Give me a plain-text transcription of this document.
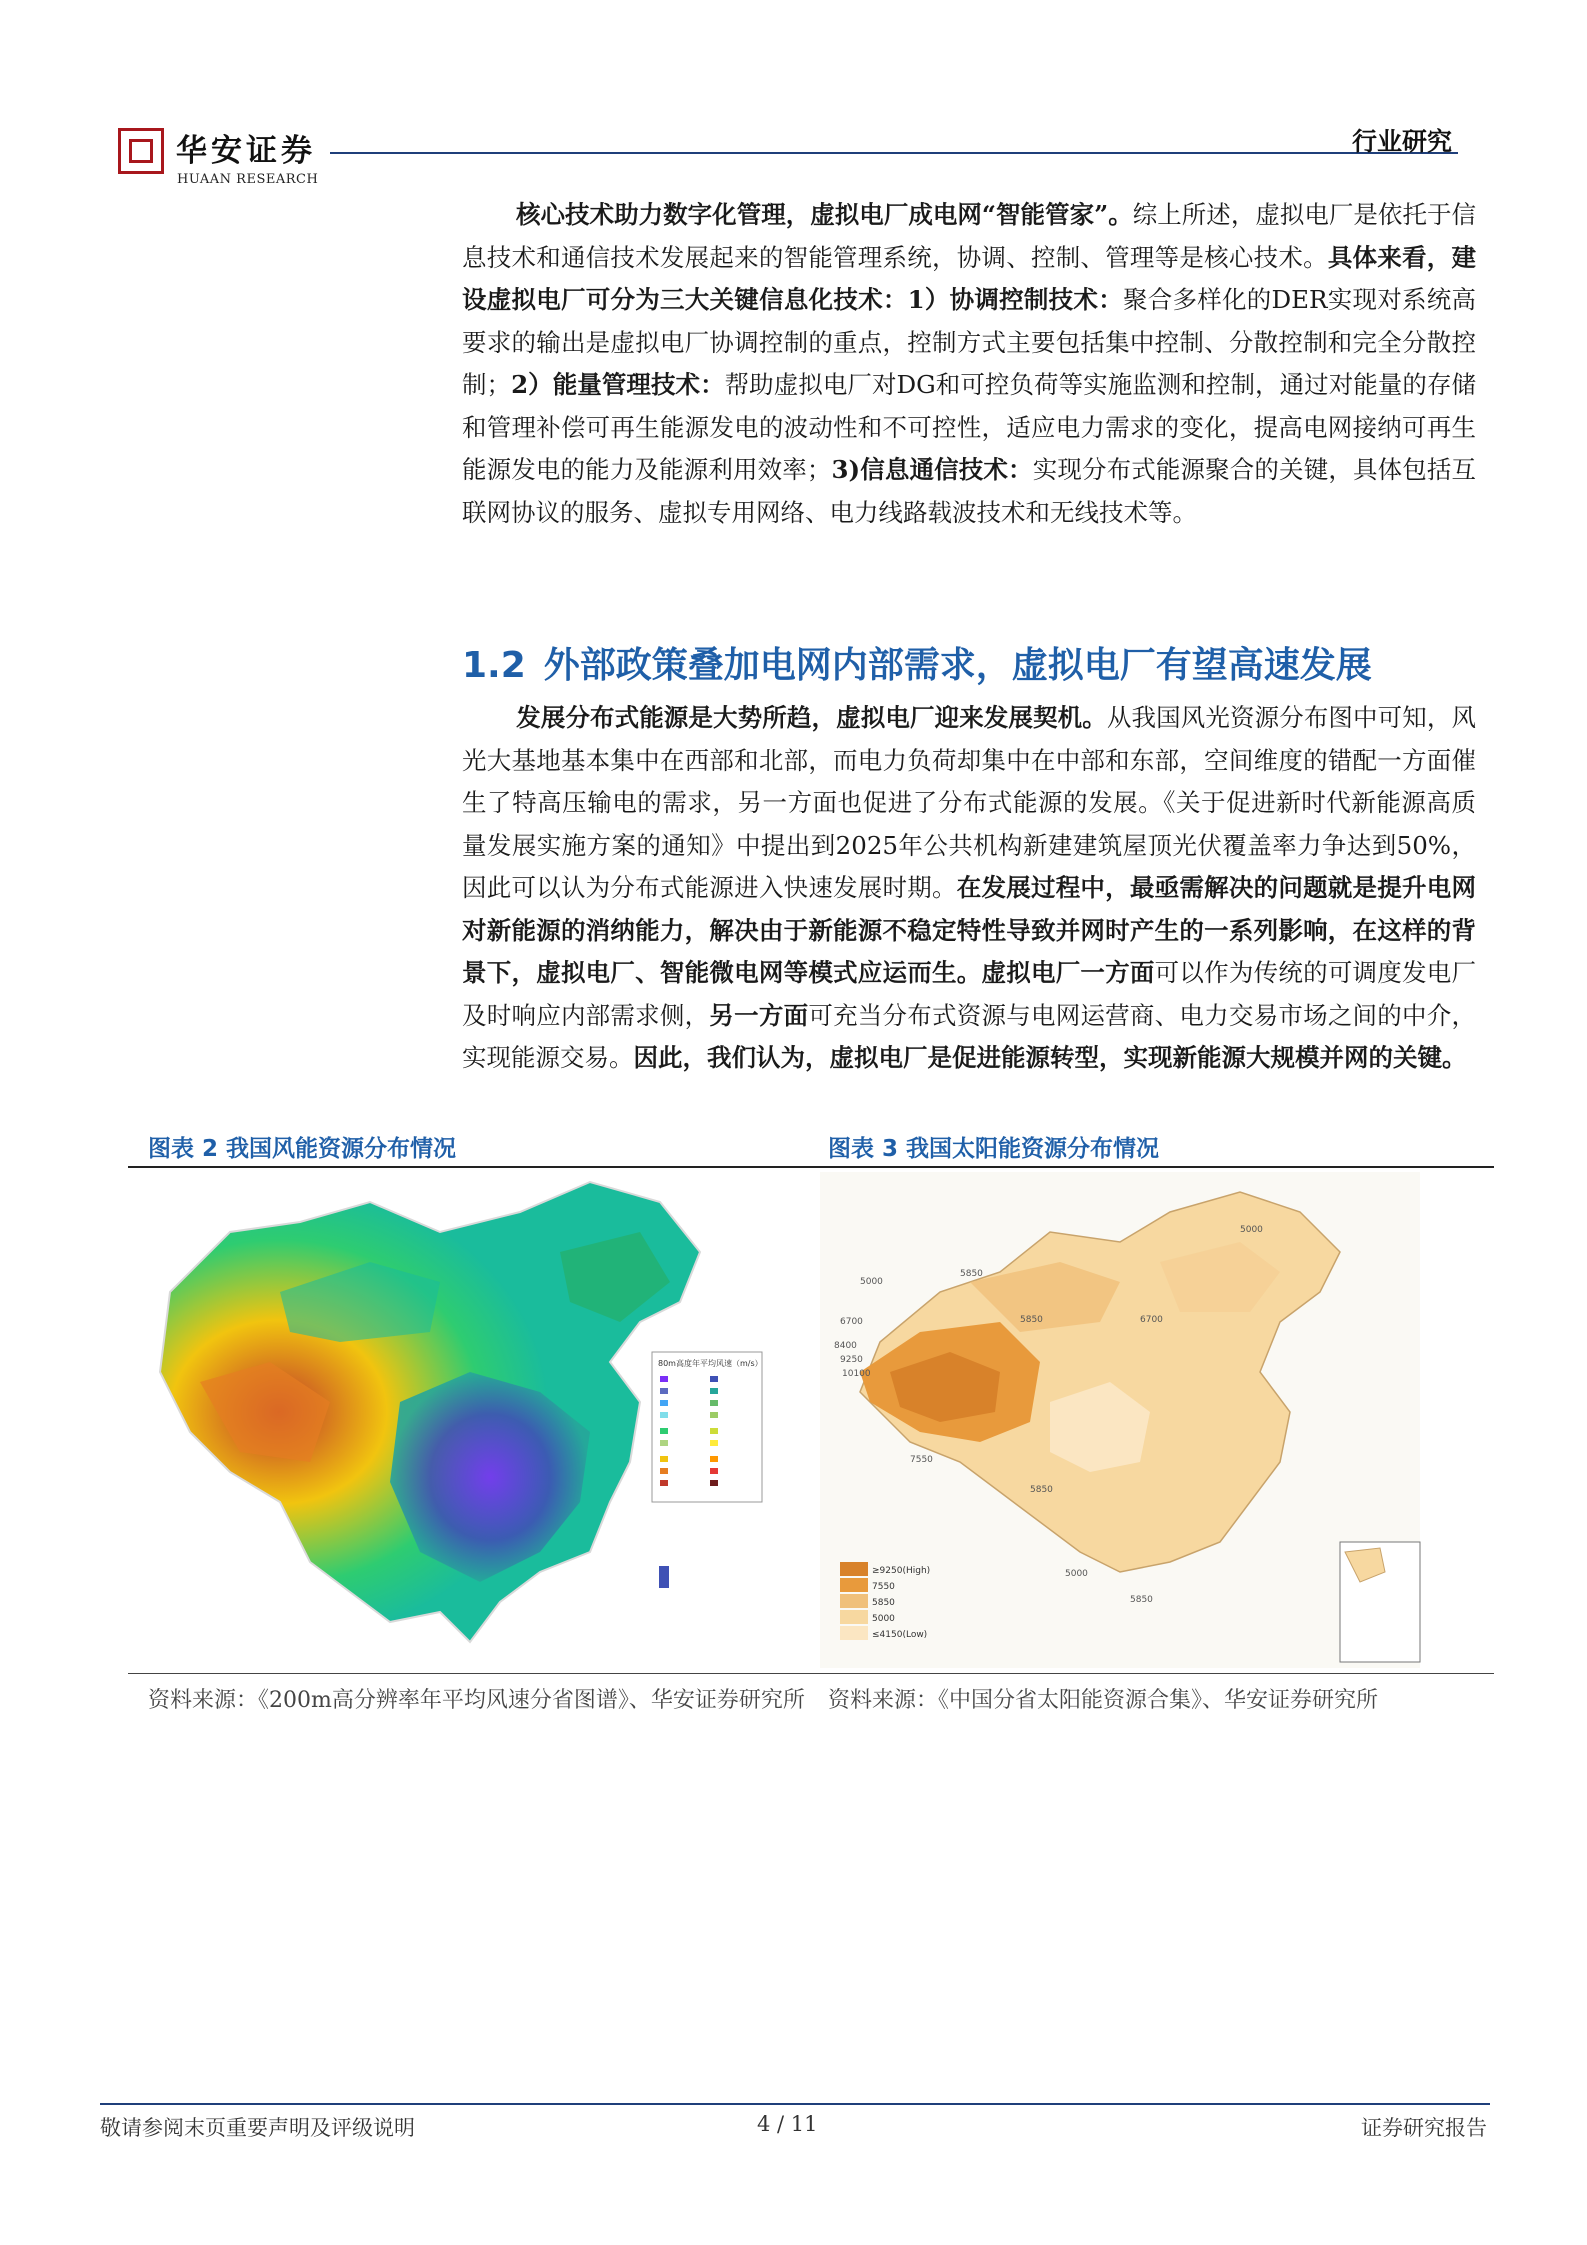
华安证券
HUAAN RESEARCH
行业研究
核心技术助力数字化管理，虚拟电厂成电网“智能管家”。综上所述，虚拟电厂是依托于信息技术和通信技术发展起来的智能管理系统，协调、控制、管理等是核心技术。具体来看，建设虚拟电厂可分为三大关键信息化技术：1）协调控制技术：聚合多样化的DER实现对系统高要求的输出是虚拟电厂协调控制的重点，控制方式主要包括集中控制、分散控制和完全分散控制；2）能量管理技术：帮助虚拟电厂对DG和可控负荷等实施监测和控制，通过对能量的存储和管理补偿可再生能源发电的波动性和不可控性，适应电力需求的变化，提高电网接纳可再生能源发电的能力及能源利用效率；3)信息通信技术：实现分布式能源聚合的关键，具体包括互联网协议的服务、虚拟专用网络、电力线路载波技术和无线技术等。
1.2 外部政策叠加电网内部需求，虚拟电厂有望高速发展
发展分布式能源是大势所趋，虚拟电厂迎来发展契机。从我国风光资源分布图中可知，风光大基地基本集中在西部和北部，而电力负荷却集中在中部和东部，空间维度的错配一方面催生了特高压输电的需求，另一方面也促进了分布式能源的发展。《关于促进新时代新能源高质量发展实施方案的通知》中提出到2025年公共机构新建建筑屋顶光伏覆盖率力争达到50%，因此可以认为分布式能源进入快速发展时期。在发展过程中，最亟需解决的问题就是提升电网对新能源的消纳能力，解决由于新能源不稳定特性导致并网时产生的一系列影响，在这样的背景下，虚拟电厂、智能微电网等模式应运而生。虚拟电厂一方面可以作为传统的可调度发电厂及时响应内部需求侧，另一方面可充当分布式资源与电网运营商、电力交易市场之间的中介，实现能源交易。因此，我们认为，虚拟电厂是促进能源转型，实现新能源大规模并网的关键。
图表 2 我国风能资源分布情况	图表 3 我国太阳能资源分布情况
80m高度年平均风速（m/s）
5000
5850
6700
8400
9250
10100
7550
5850	6700
5000
5850
5000
5850
≥9250(High)
7550
5850
5000
≤4150(Low)
资料来源：《200m高分辨率年平均风速分省图谱》、华安证券研究所 资料来源：《中国分省太阳能资源合集》、华安证券研究所
敬请参阅末页重要声明及评级说明	4 / 11	证券研究报告
